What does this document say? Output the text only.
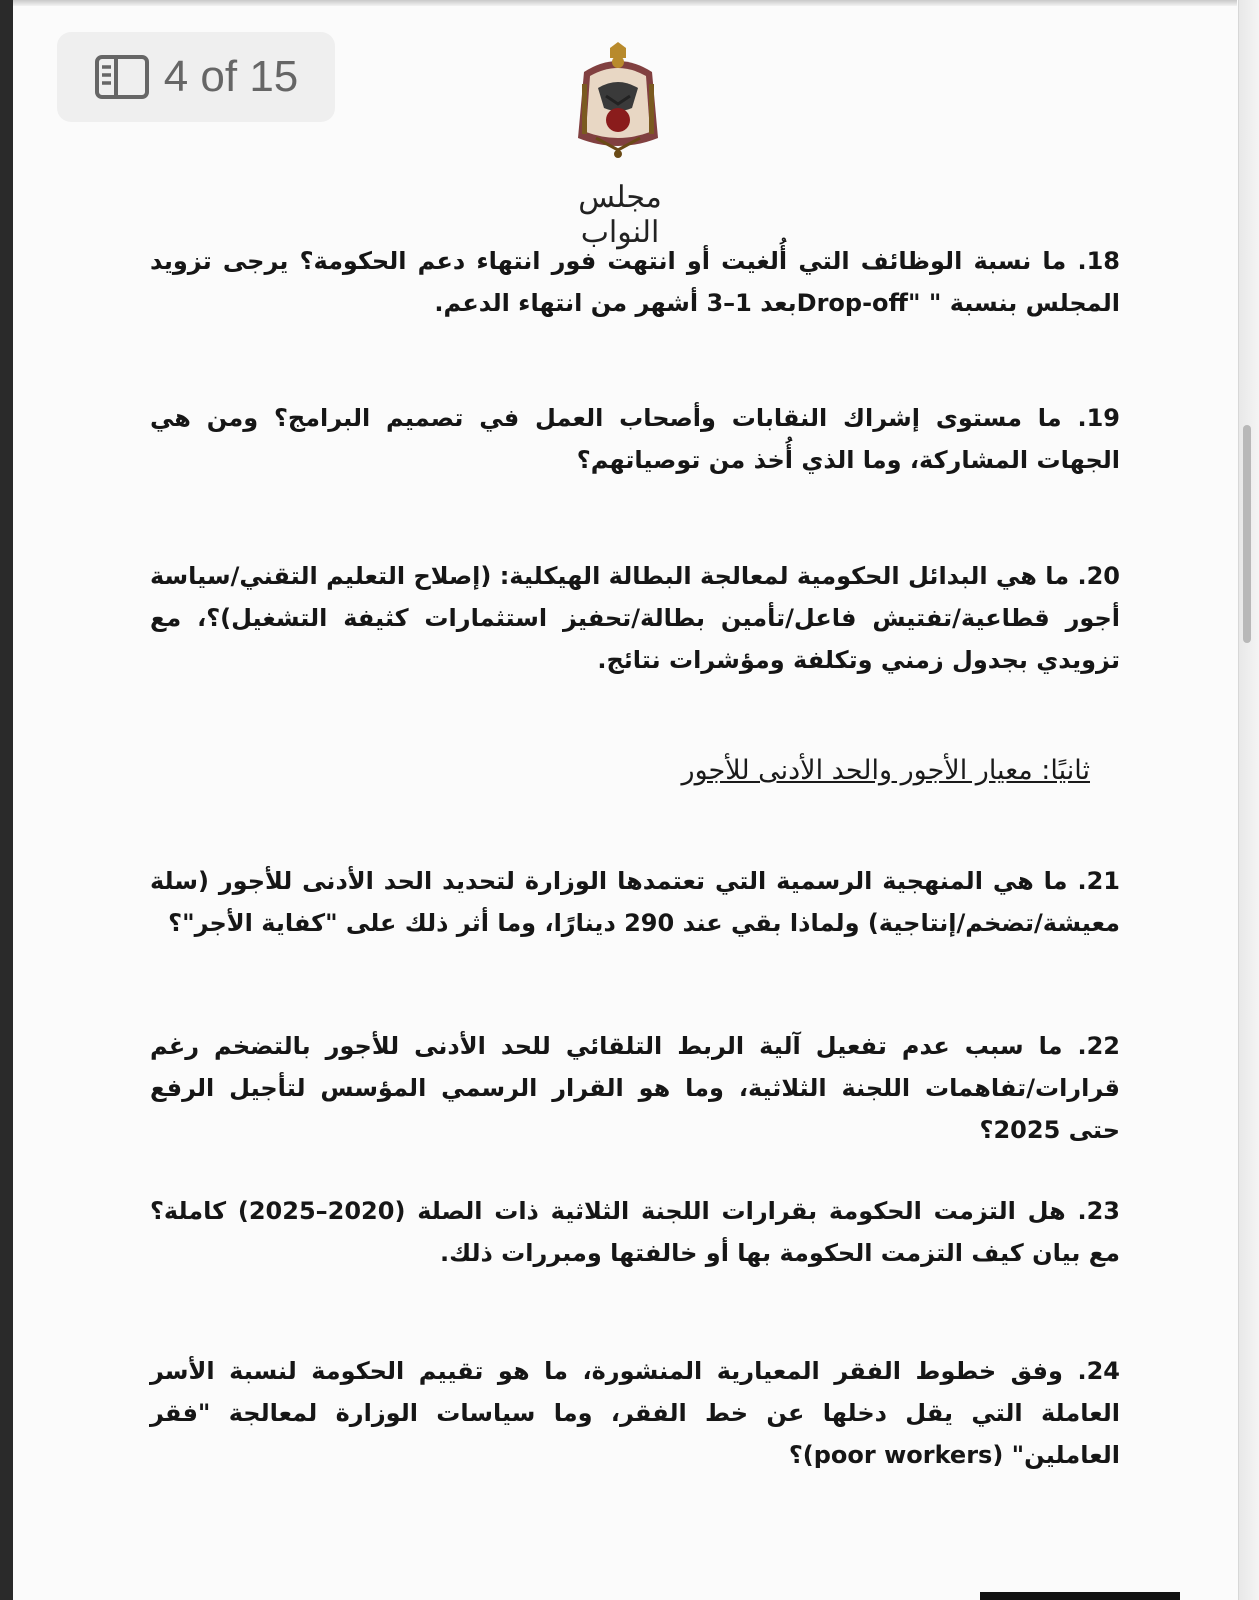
4 of 15
مجلس النواب
18. ما نسبة الوظائف التي أُلغيت أو انتهت فور انتهاء دعم الحكومة؟ يرجى تزويد المجلس بنسبة " "Drop-offبعد 1–3 أشهر من انتهاء الدعم.
19. ما مستوى إشراك النقابات وأصحاب العمل في تصميم البرامج؟ ومن هي الجهات المشاركة، وما الذي أُخذ من توصياتهم؟
20. ما هي البدائل الحكومية لمعالجة البطالة الهيكلية: (إصلاح التعليم التقني/سياسة أجور قطاعية/تفتيش فاعل/تأمين بطالة/تحفيز استثمارات كثيفة التشغيل)؟، مع تزويدي بجدول زمني وتكلفة ومؤشرات نتائج.
ثانيًا: معيار الأجور والحد الأدنى للأجور
21. ما هي المنهجية الرسمية التي تعتمدها الوزارة لتحديد الحد الأدنى للأجور (سلة معيشة/تضخم/إنتاجية) ولماذا بقي عند 290 دينارًا، وما أثر ذلك على "كفاية الأجر"؟
22. ما سبب عدم تفعيل آلية الربط التلقائي للحد الأدنى للأجور بالتضخم رغم قرارات/تفاهمات اللجنة الثلاثية، وما هو القرار الرسمي المؤسس لتأجيل الرفع حتى 2025؟
23. هل التزمت الحكومة بقرارات اللجنة الثلاثية ذات الصلة (2020–2025) كاملة؟ مع بيان كيف التزمت الحكومة بها أو خالفتها ومبررات ذلك.
24. وفق خطوط الفقر المعيارية المنشورة، ما هو تقييم الحكومة لنسبة الأسر العاملة التي يقل دخلها عن خط الفقر، وما سياسات الوزارة لمعالجة "فقر العاملين" (poor workers)؟
